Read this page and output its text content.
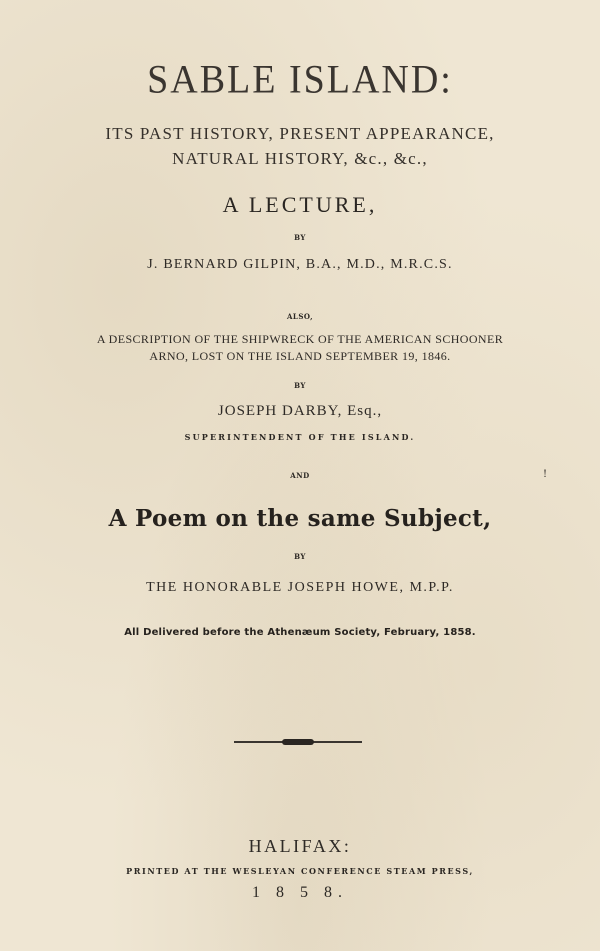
SABLE ISLAND:
ITS PAST HISTORY, PRESENT APPEARANCE,
NATURAL HISTORY, &c., &c.,
A LECTURE,
BY
J. BERNARD GILPIN, B.A., M.D., M.R.C.S.
ALSO,
A DESCRIPTION OF THE SHIPWRECK OF THE AMERICAN SCHOONER
ARNO, LOST ON THE ISLAND SEPTEMBER 19, 1846.
BY
JOSEPH DARBY, Esq.,
SUPERINTENDENT OF THE ISLAND.
AND	!
A Poem on the same Subject,
BY
THE HONORABLE JOSEPH HOWE, M.P.P.
All Delivered before the Athenæum Society, February, 1858.
HALIFAX:
PRINTED AT THE WESLEYAN CONFERENCE STEAM PRESS,
1 8 5 8.
